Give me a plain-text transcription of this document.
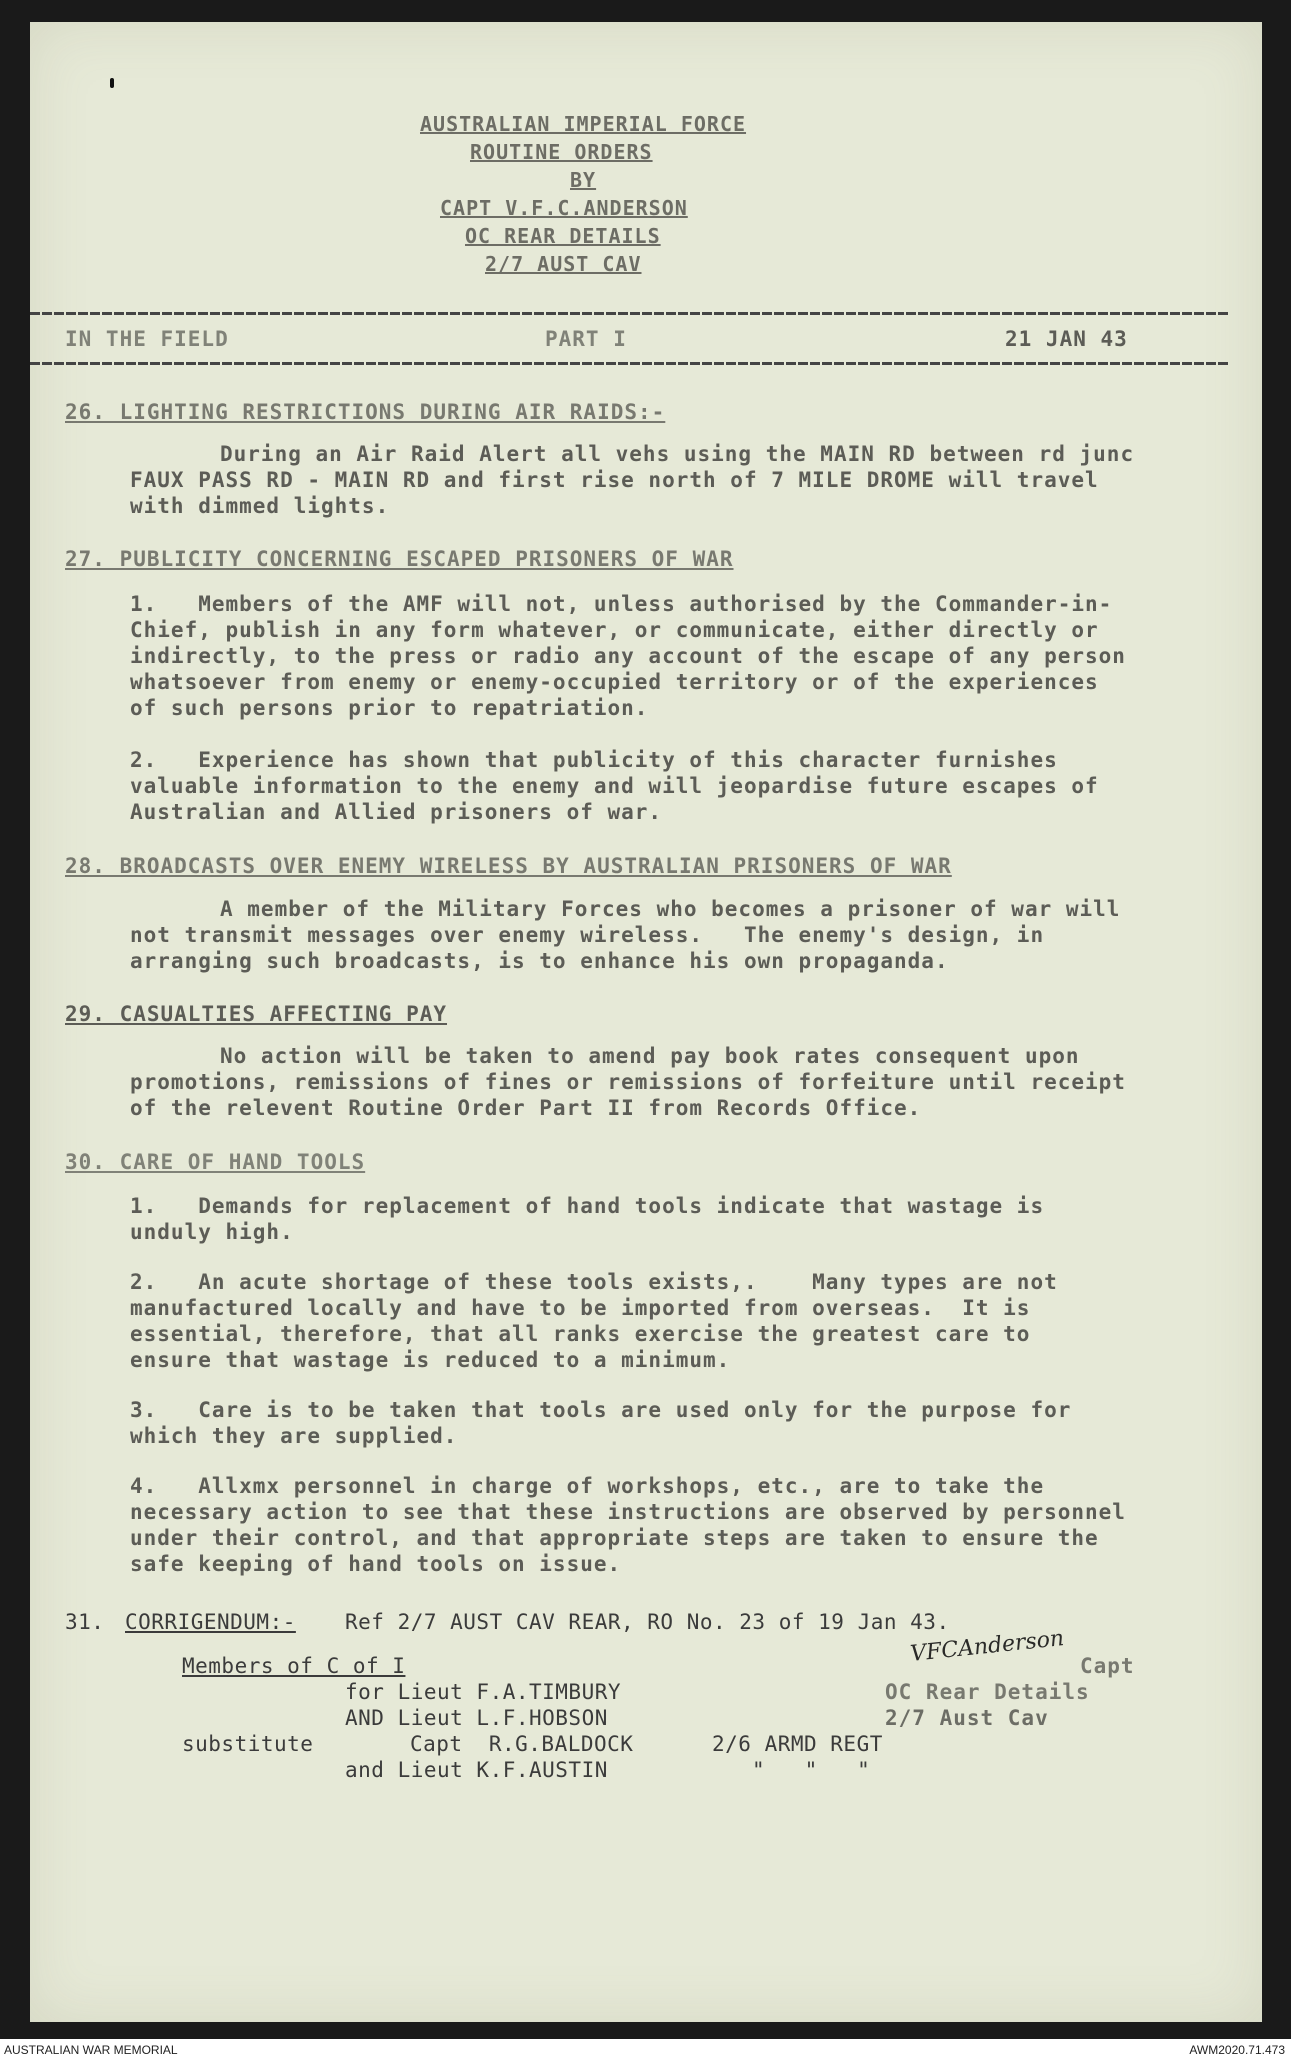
AUSTRALIAN IMPERIAL FORCE
ROUTINE ORDERS
BY
CAPT V.F.C.ANDERSON
OC REAR DETAILS
2/7 AUST CAV
IN THE FIELD	PART I	21 JAN 43
26. LIGHTING RESTRICTIONS DURING AIR RAIDS:-
During an Air Raid Alert all vehs using the MAIN RD between rd junc
FAUX PASS RD - MAIN RD and first rise north of 7 MILE DROME will travel
with dimmed lights.
27. PUBLICITY CONCERNING ESCAPED PRISONERS OF WAR
1.   Members of the AMF will not, unless authorised by the Commander-in-
Chief, publish in any form whatever, or communicate, either directly or
indirectly, to the press or radio any account of the escape of any person
whatsoever from enemy or enemy-occupied territory or of the experiences
of such persons prior to repatriation.
2.   Experience has shown that publicity of this character furnishes
valuable information to the enemy and will jeopardise future escapes of
Australian and Allied prisoners of war.
28. BROADCASTS OVER ENEMY WIRELESS BY AUSTRALIAN PRISONERS OF WAR
A member of the Military Forces who becomes a prisoner of war will
not transmit messages over enemy wireless.   The enemy's design, in
arranging such broadcasts, is to enhance his own propaganda.
29. CASUALTIES AFFECTING PAY
No action will be taken to amend pay book rates consequent upon
promotions, remissions of fines or remissions of forfeiture until receipt
of the relevent Routine Order Part II from Records Office.
30. CARE OF HAND TOOLS
1.   Demands for replacement of hand tools indicate that wastage is
unduly high.
2.   An acute shortage of these tools exists,.    Many types are not
manufactured locally and have to be imported from overseas.  It is
essential, therefore, that all ranks exercise the greatest care to
ensure that wastage is reduced to a minimum.
3.   Care is to be taken that tools are used only for the purpose for
which they are supplied.
4.   Allxmx personnel in charge of workshops, etc., are to take the
necessary action to see that these instructions are observed by personnel
under their control, and that appropriate steps are taken to ensure the
safe keeping of hand tools on issue.
31. CORRIGENDUM:- Ref 2/7 AUST CAV REAR, RO No. 23 of 19 Jan 43.
Members of C of I
for Lieut F.A.TIMBURY
AND Lieut L.F.HOBSON
substitute	Capt  R.G.BALDOCK	2/6 ARMD REGT
and Lieut K.F.AUSTIN	"   "   "
VFCAnderson Capt
OC Rear Details
2/7 Aust Cav
AUSTRALIAN WAR MEMORIAL	AWM2020.71.473
